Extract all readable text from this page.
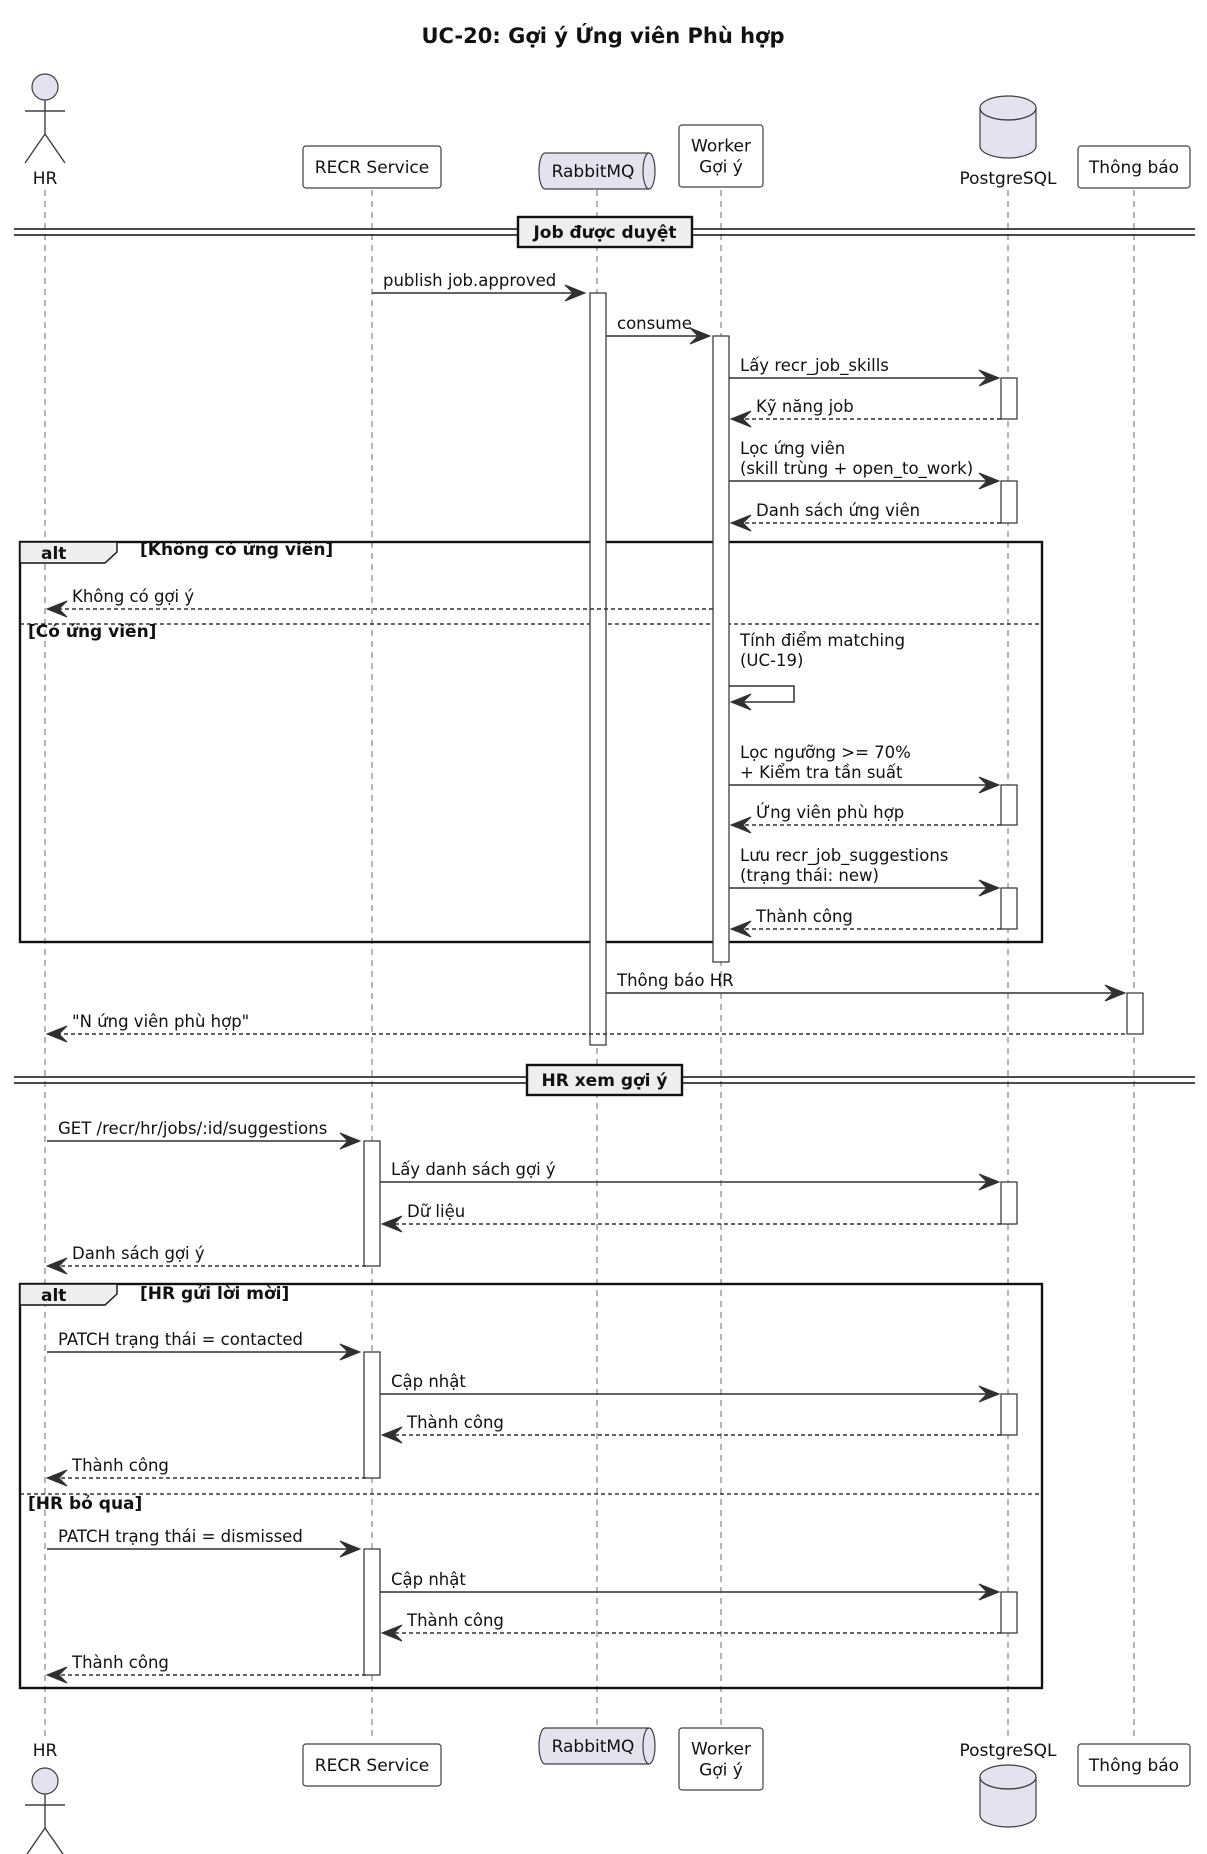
UC-20: Gợi ý Ứng viên Phù hợp
alt	[Không có ứng viên]
[Có ứng viên]
alt	[HR gửi lời mời]
[HR bỏ qua]
publish job.approved
consume
Lấy recr_job_skills
Kỹ năng job
Lọc ứng viên
(skill trùng + open_to_work)
Danh sách ứng viên
Không có gợi ý
Tính điểm matching
(UC-19)
Lọc ngưỡng >= 70%
+ Kiểm tra tần suất
Ứng viên phù hợp
Lưu recr_job_suggestions
(trạng thái: new)
Thành công
Thông báo HR
"N ứng viên phù hợp"
GET /recr/hr/jobs/:id/suggestions
Lấy danh sách gợi ý
Dữ liệu
Danh sách gợi ý
PATCH trạng thái = contacted
Cập nhật
Thành công
Thành công
PATCH trạng thái = dismissed
Cập nhật
Thành công
Thành công
Job được duyệt
HR xem gợi ý
HR
HR
RECR Service
RECR Service
RabbitMQ
RabbitMQ
Worker
Gợi ý
Worker
Gợi ý
PostgreSQL
PostgreSQL
Thông báo
Thông báo
